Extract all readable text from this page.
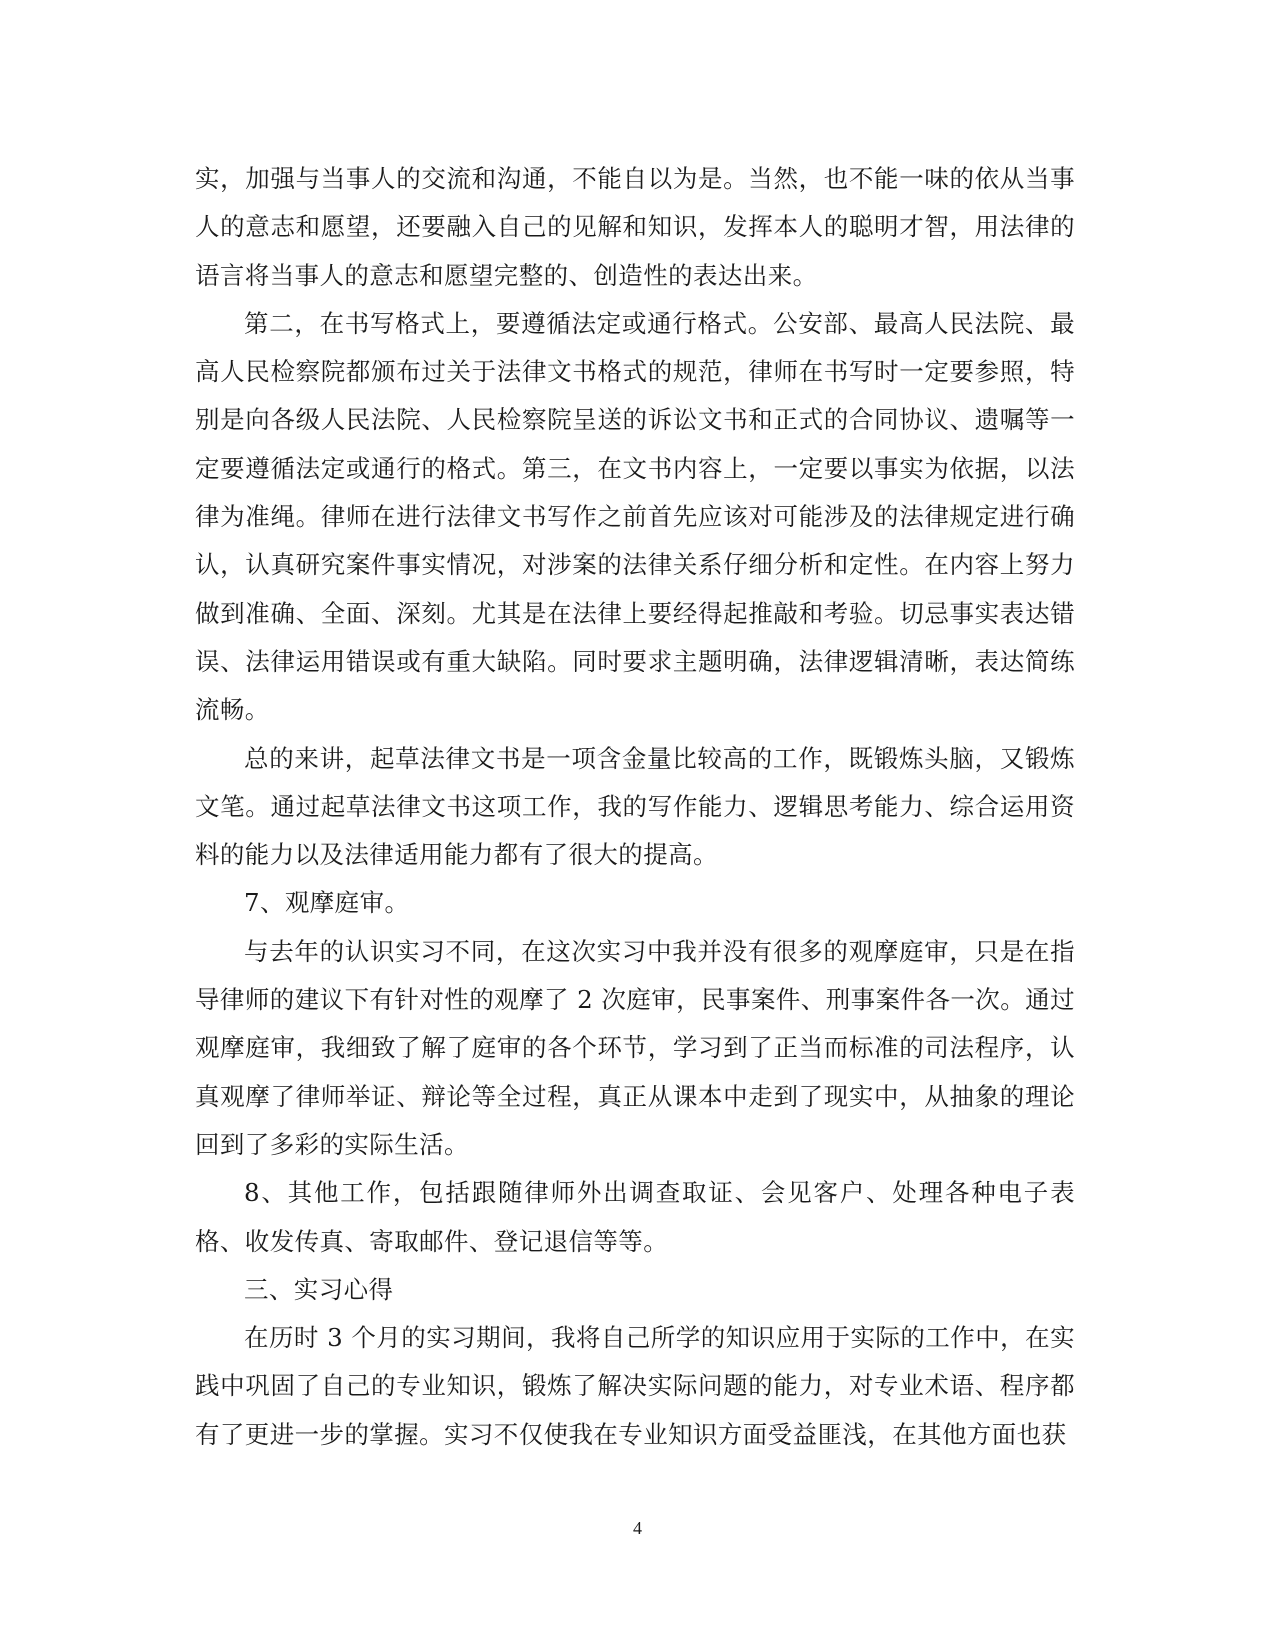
实，加强与当事人的交流和沟通，不能自以为是。当然，也不能一味的依从当事人的意志和愿望，还要融入自己的见解和知识，发挥本人的聪明才智，用法律的语言将当事人的意志和愿望完整的、创造性的表达出来。

第二，在书写格式上，要遵循法定或通行格式。公安部、最高人民法院、最高人民检察院都颁布过关于法律文书格式的规范，律师在书写时一定要参照，特别是向各级人民法院、人民检察院呈送的诉讼文书和正式的合同协议、遗嘱等一定要遵循法定或通行的格式。第三，在文书内容上，一定要以事实为依据，以法律为准绳。律师在进行法律文书写作之前首先应该对可能涉及的法律规定进行确认，认真研究案件事实情况，对涉案的法律关系仔细分析和定性。在内容上努力做到准确、全面、深刻。尤其是在法律上要经得起推敲和考验。切忌事实表达错误、法律运用错误或有重大缺陷。同时要求主题明确，法律逻辑清晰，表达简练流畅。

总的来讲，起草法律文书是一项含金量比较高的工作，既锻炼头脑，又锻炼文笔。通过起草法律文书这项工作，我的写作能力、逻辑思考能力、综合运用资料的能力以及法律适用能力都有了很大的提高。

7、观摩庭审。

与去年的认识实习不同，在这次实习中我并没有很多的观摩庭审，只是在指导律师的建议下有针对性的观摩了 2 次庭审，民事案件、刑事案件各一次。通过观摩庭审，我细致了解了庭审的各个环节，学习到了正当而标准的司法程序，认真观摩了律师举证、辩论等全过程，真正从课本中走到了现实中，从抽象的理论回到了多彩的实际生活。

8、其他工作，包括跟随律师外出调查取证、会见客户、处理各种电子表格、收发传真、寄取邮件、登记退信等等。

三、实习心得

在历时 3 个月的实习期间，我将自己所学的知识应用于实际的工作中，在实践中巩固了自己的专业知识，锻炼了解决实际问题的能力，对专业术语、程序都有了更进一步的掌握。实习不仅使我在专业知识方面受益匪浅，在其他方面也获

4
